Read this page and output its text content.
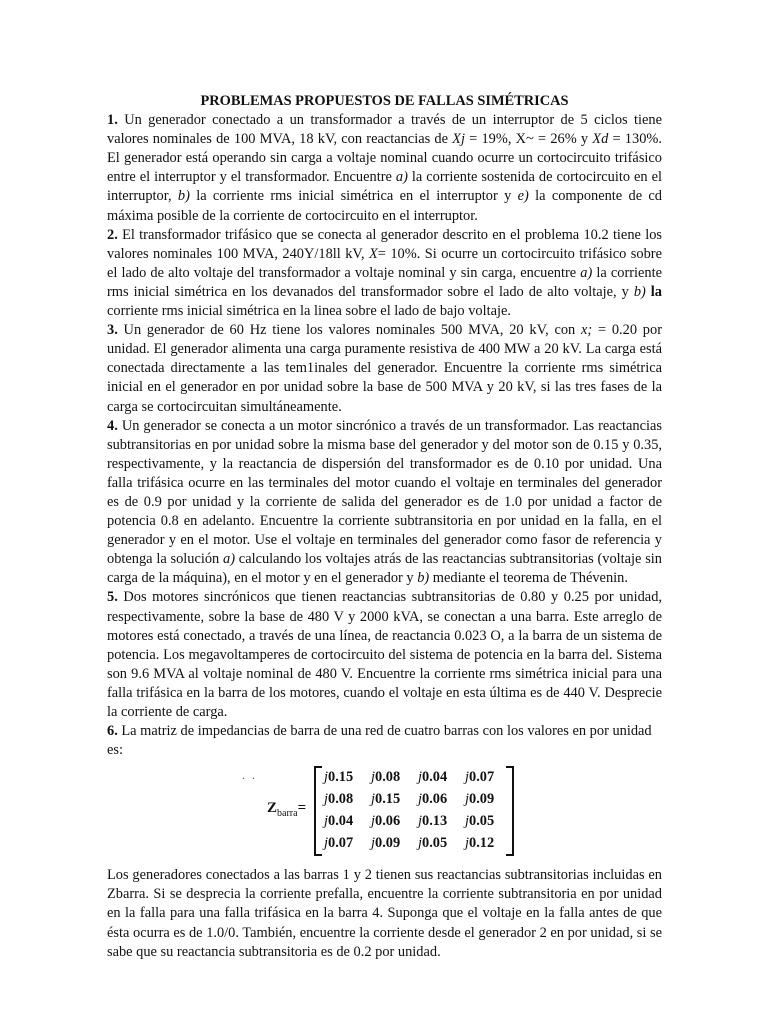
PROBLEMAS PROPUESTOS DE FALLAS SIMÉTRICAS

1. Un generador conectado a un transformador a través de un interruptor de 5 ciclos tiene valores nominales de 100 MVA, 18 kV, con reactancias de Xj = 19%, X~ = 26% y Xd = 130%. El generador está operando sin carga a voltaje nominal cuando ocurre un cortocircuito trifásico entre el interruptor y el transformador. Encuentre a) la corriente sostenida de cortocircuito en el interruptor, b) la corriente rms inicial simétrica en el interruptor y e) la componente de cd máxima posible de la corriente de cortocircuito en el interruptor.

2. El transformador trifásico que se conecta al generador descrito en el problema 10.2 tiene los valores nominales 100 MVA, 240Y/18ll kV, X= 10%. Si ocurre un cortocircuito trifásico sobre el lado de alto voltaje del transformador a voltaje nominal y sin carga, encuentre a) la corriente rms inicial simétrica en los devanados del transformador sobre el lado de alto voltaje, y b) la corriente rms inicial simétrica en la linea sobre el lado de bajo voltaje.

3. Un generador de 60 Hz tiene los valores nominales 500 MVA, 20 kV, con x; = 0.20 por unidad. El generador alimenta una carga puramente resistiva de 400 MW a 20 kV. La carga está conectada directamente a las tem1inales del generador. Encuentre la corriente rms simétrica inicial en el generador en por unidad sobre la base de 500 MVA y 20 kV, si las tres fases de la carga se cortocircuitan simultáneamente.

4. Un generador se conecta a un motor sincrónico a través de un transformador. Las reactancias subtransitorias en por unidad sobre la misma base del generador y del motor son de 0.15 y 0.35, respectivamente, y la reactancia de dispersión del transformador es de 0.10 por unidad. Una falla trifásica ocurre en las terminales del motor cuando el voltaje en terminales del generador es de 0.9 por unidad y la corriente de salida del generador es de 1.0 por unidad a factor de potencia 0.8 en adelanto. Encuentre la corriente subtransitoria en por unidad en la falla, en el generador y en el motor. Use el voltaje en terminales del generador como fasor de referencia y obtenga la solución a) calculando los voltajes atrás de las reactancias subtransitorias (voltaje sin carga de la máquina), en el motor y en el generador y b) mediante el teorema de Thévenin.

5. Dos motores sincrónicos que tienen reactancias subtransitorias de 0.80 y 0.25 por unidad, respectivamente, sobre la base de 480 V y 2000 kVA, se conectan a una barra. Este arreglo de motores está conectado, a través de una línea, de reactancia 0.023 O, a la barra de un sistema de potencia. Los megavoltamperes de cortocircuito del sistema de potencia en la barra del. Sistema son 9.6 MVA al voltaje nominal de 480 V. Encuentre la corriente rms simétrica inicial para una falla trifásica en la barra de los motores, cuando el voltaje en esta última es de 440 V. Desprecie la corriente de carga.

6. La matriz de impedancias de barra de una red de cuatro barras con los valores en por unidad es:

. .
$Z_{barra}=$
j0.15	j0.08	j0.04	j0.07
j0.08	j0.15	j0.06	j0.09
j0.04	j0.06	j0.13	j0.05
j0.07	j0.09	j0.05	j0.12

Los generadores conectados a las barras 1 y 2 tienen sus reactancias subtransitorias incluidas en Zbarra. Si se desprecia la corriente prefalla, encuentre la corriente subtransitoria en por unidad en la falla para una falla trifásica en la barra 4. Suponga que el voltaje en la falla antes de que ésta ocurra es de 1.0/0. También, encuentre la corriente desde el generador 2 en por unidad, si se sabe que su reactancia subtransitoria es de 0.2 por unidad.
